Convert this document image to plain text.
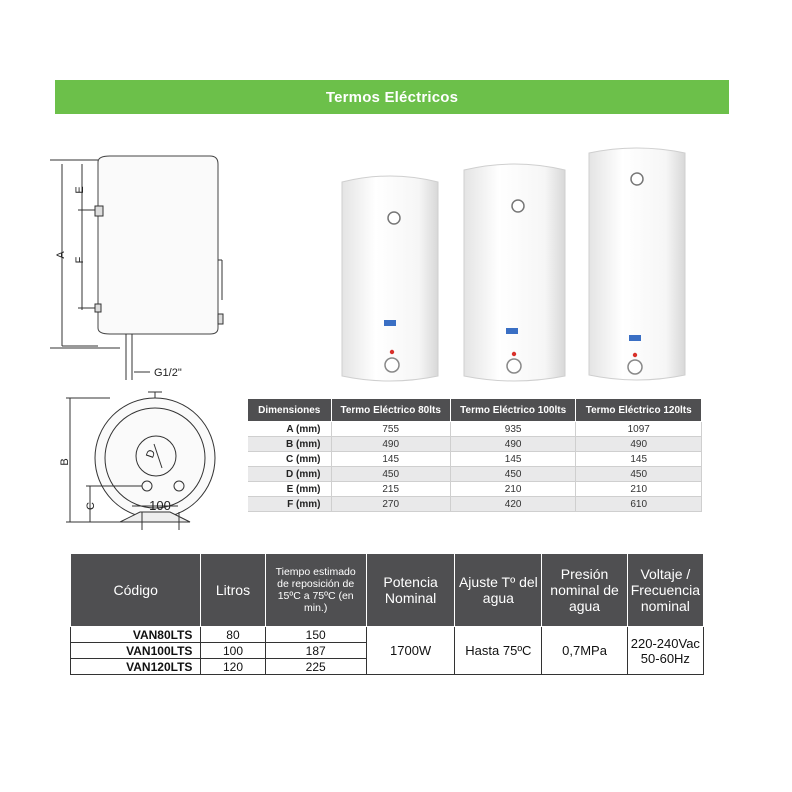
Termos Eléctricos
E
F
A
G1/2"
B
C
D
100
Dimensiones	Termo Eléctrico 80lts	Termo Eléctrico 100lts	Termo Eléctrico 120lts
A (mm)	755	935	1097
B (mm)	490	490	490
C (mm)	145	145	145
D (mm)	450	450	450
E (mm)	215	210	210
F (mm)	270	420	610
Código	Litros	Tiempo estimado de reposición de 15ºC a 75ºC (en min.)	Potencia Nominal	Ajuste Tº del agua	Presión nominal de agua	Voltaje / Frecuencia nominal
VAN80LTS	80	150	1700W	Hasta 75ºC	0,7MPa	220-240Vac 50-60Hz
VAN100LTS	100	187				
VAN120LTS	120	225				
